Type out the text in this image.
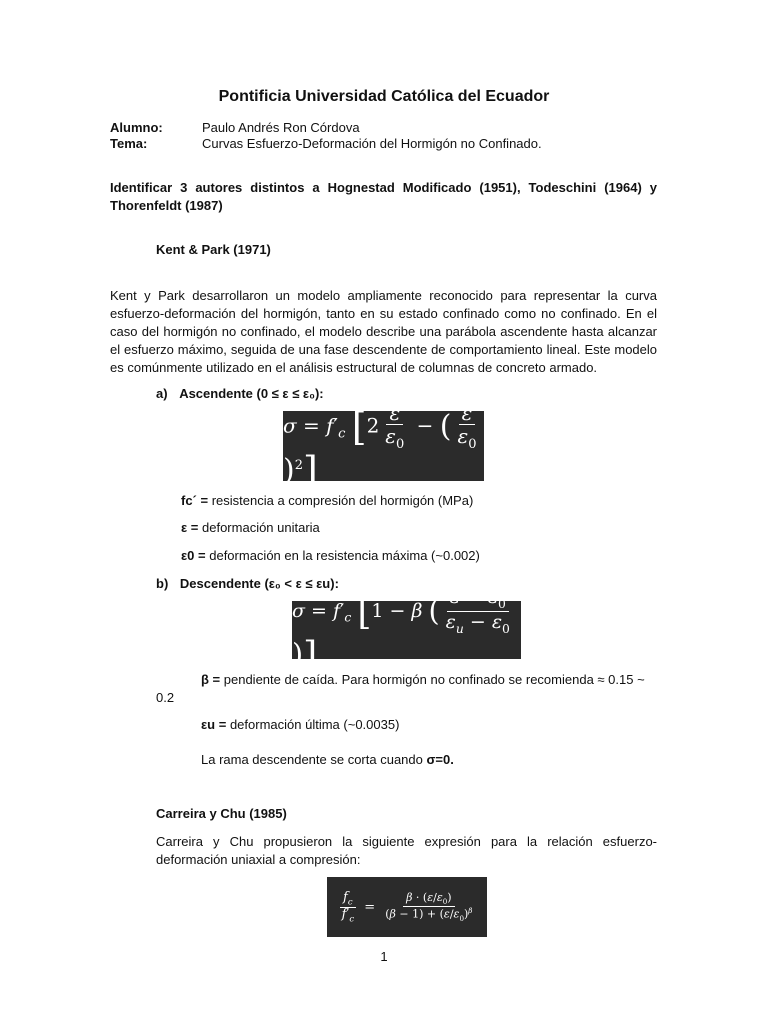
Pontificia Universidad Católica del Ecuador
Alumno:	Paulo Andrés Ron Córdova
Tema:	Curvas Esfuerzo-Deformación del Hormigón no Confinado.
Identificar 3 autores distintos a Hognestad Modificado (1951), Todeschini (1964) y Thorenfeldt (1987)
Kent & Park (1971)
Kent y Park desarrollaron un modelo ampliamente reconocido para representar la curva esfuerzo-deformación del hormigón, tanto en su estado confinado como no confinado. En el caso del hormigón no confinado, el modelo describe una parábola ascendente hasta alcanzar el esfuerzo máximo, seguida de una fase descendente de comportamiento lineal. Este modelo es comúnmente utilizado en el análisis estructural de columnas de concreto armado.
a) Ascendente (0 ≤ ε ≤ ε₀):
$\sigma = f'_c$ [$2 \frac{\varepsilon}{\varepsilon_0}$ − ( $\frac{\varepsilon}{\varepsilon_0}$
)$^2$]
fc´ = resistencia a compresión del hormigón (MPa)
ε = deformación unitaria
ε0 = deformación en la resistencia máxima (~0.002)
b) Descendente (ε₀ < ε ≤ εu):
$\sigma = f'_c$ [1 − β ( $\frac{\varepsilon - \varepsilon_0}{\varepsilon_u - \varepsilon_0}$
)]
β = pendiente de caída. Para hormigón no confinado se recomienda ≈ 0.15 ~
0.2
εu = deformación última (~0.0035)
La rama descendente se corta cuando σ=0.
Carreira y Chu (1985)
Carreira y Chu propusieron la siguiente expresión para la relación esfuerzo-deformación uniaxial a compresión:
$\frac{f_c}{f'_c} = \frac{\beta \cdot (\varepsilon/\varepsilon_0)}{(\beta - 1) + (\varepsilon/\varepsilon_0)^\beta}$
1
